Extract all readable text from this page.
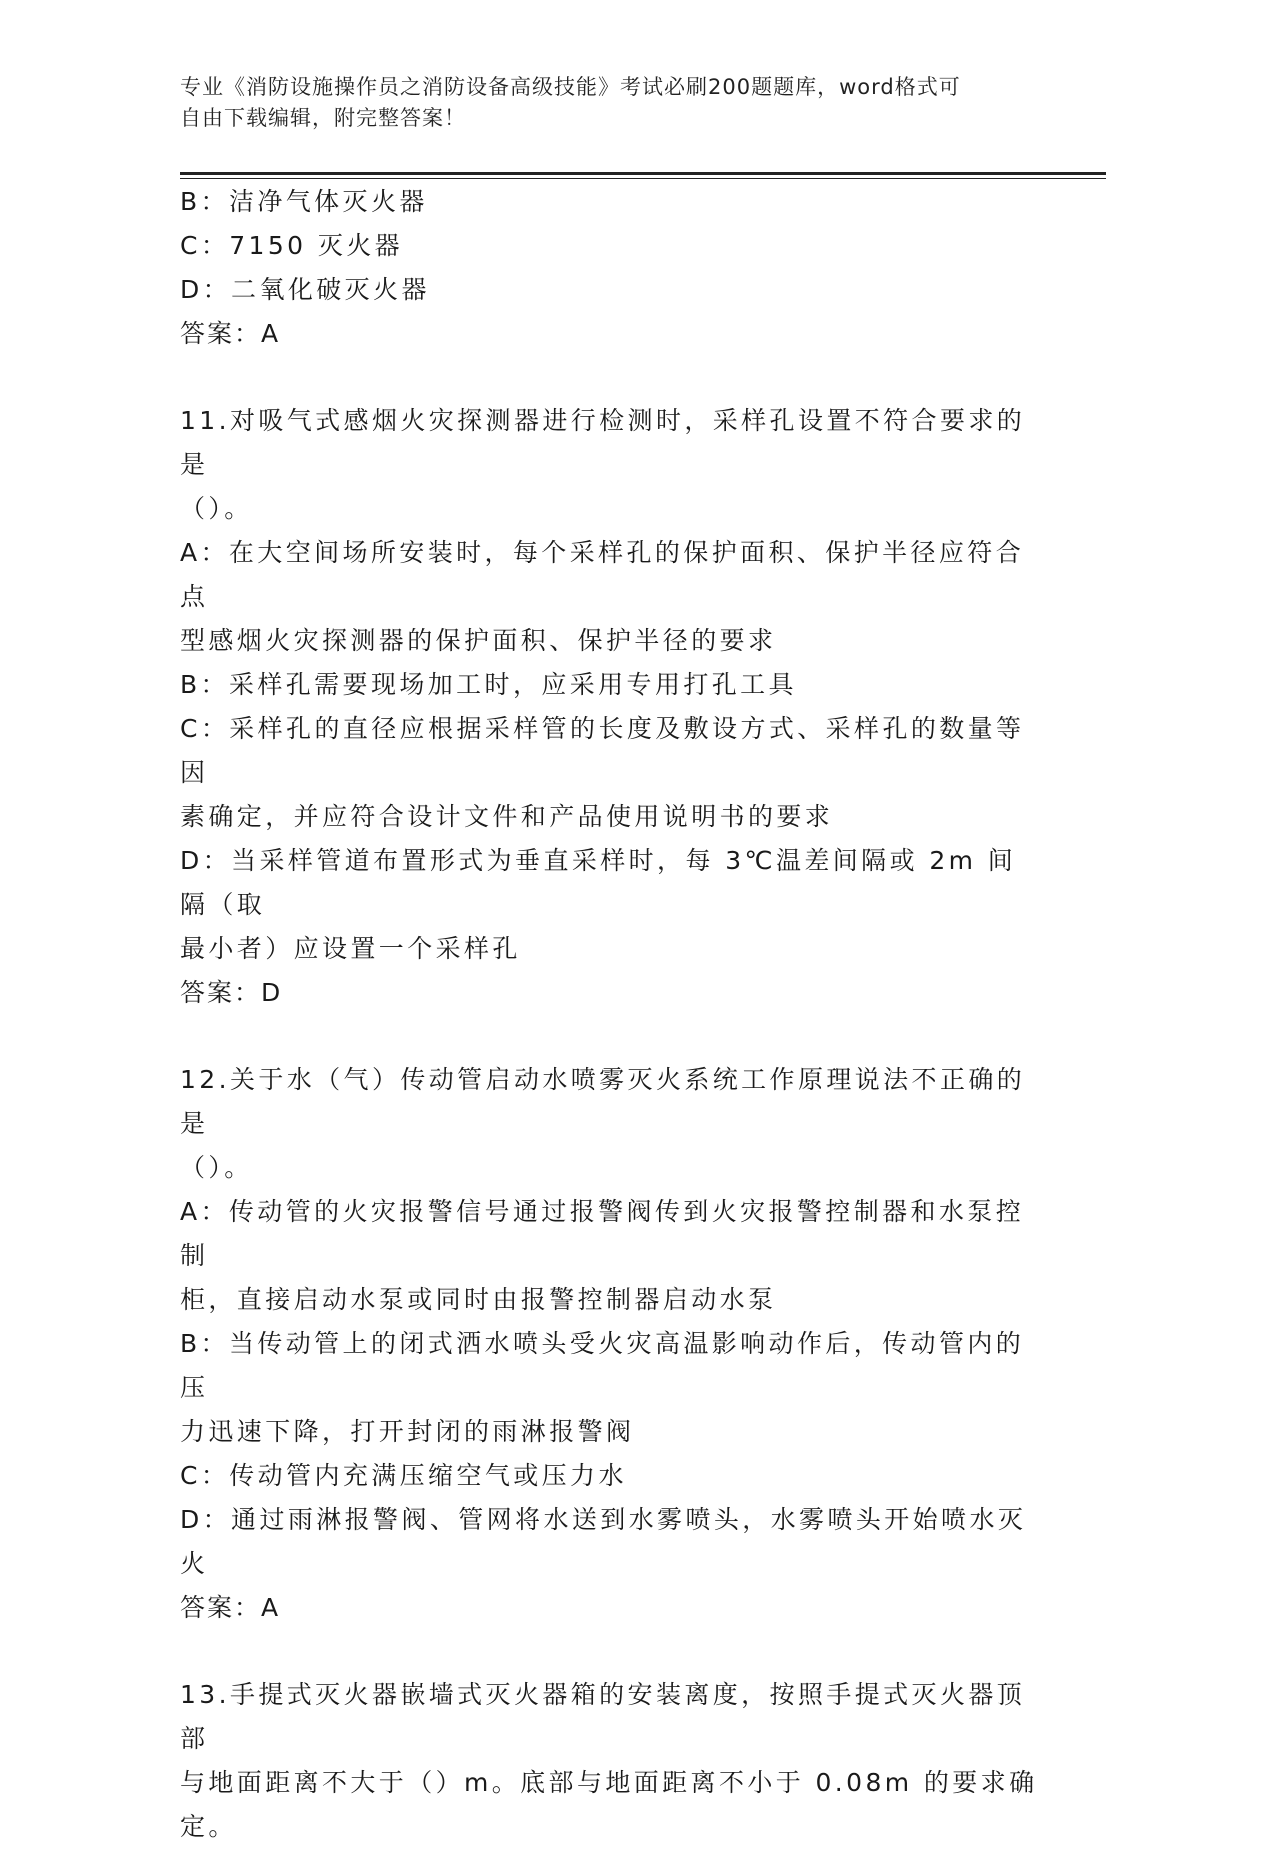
专业《消防设施操作员之消防设备高级技能》考试必刷200题题库，word格式可
自由下载编辑，附完整答案！
B：洁净气体灭火器
C：7150 灭火器
D：二氧化破灭火器
答案：A
11.对吸气式感烟火灾探测器进行检测时，采样孔设置不符合要求的是
（）。
A：在大空间场所安装时，每个采样孔的保护面积、保护半径应符合点
型感烟火灾探测器的保护面积、保护半径的要求
B：采样孔需要现场加工时，应采用专用打孔工具
C：采样孔的直径应根据采样管的长度及敷设方式、采样孔的数量等因
素确定，并应符合设计文件和产品使用说明书的要求
D：当采样管道布置形式为垂直采样时，每 3℃温差间隔或 2m 间隔（取
最小者）应设置一个采样孔
答案：D
12.关于水（气）传动管启动水喷雾灭火系统工作原理说法不正确的是
（）。
A：传动管的火灾报警信号通过报警阀传到火灾报警控制器和水泵控制
柜，直接启动水泵或同时由报警控制器启动水泵
B：当传动管上的闭式洒水喷头受火灾高温影响动作后，传动管内的压
力迅速下降，打开封闭的雨淋报警阀
C：传动管内充满压缩空气或压力水
D：通过雨淋报警阀、管网将水送到水雾喷头，水雾喷头开始喷水灭火
答案：A
13.手提式灭火器嵌墙式灭火器箱的安装离度，按照手提式灭火器顶部
与地面距离不大于（）m。底部与地面距离不小于 0.08m 的要求确定。
